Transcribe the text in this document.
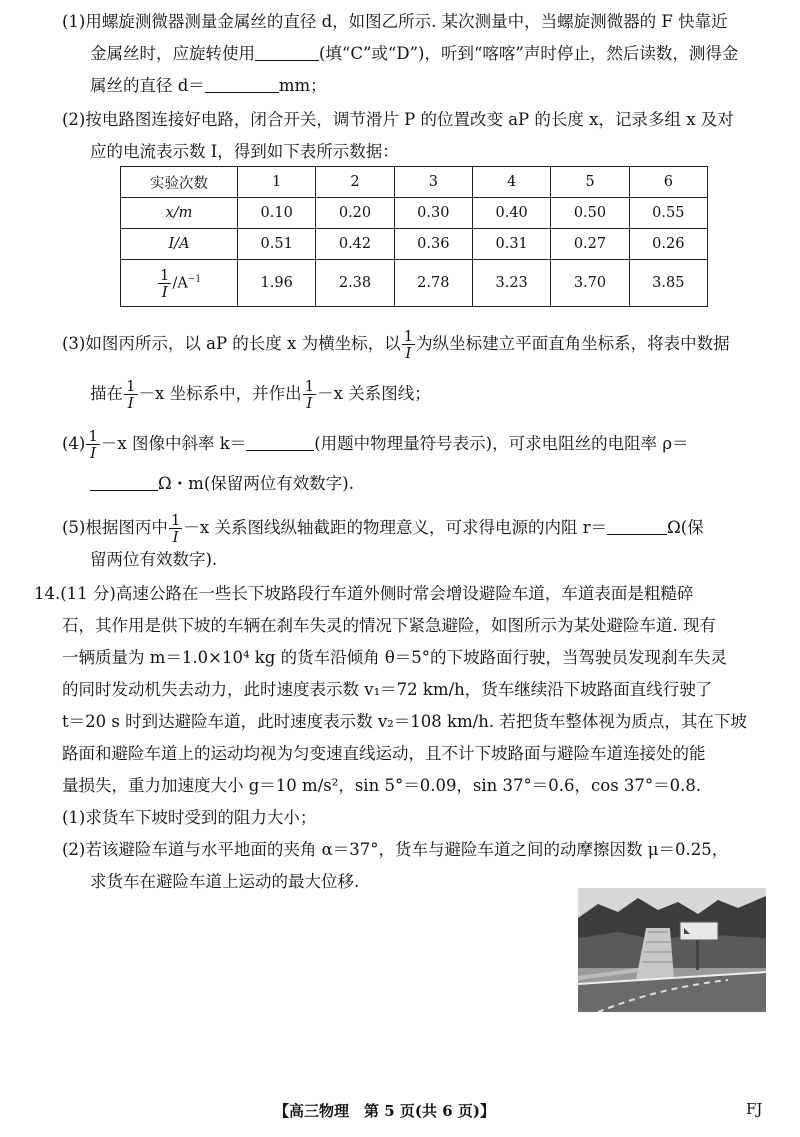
(1)用螺旋测微器测量金属丝的直径 d，如图乙所示. 某次测量中，当螺旋测微器的 F 快靠近
金属丝时，应旋转使用	(填“C”或“D”)，听到“喀喀”声时停止，然后读数，测得金
属丝的直径 d＝	mm；
(2)按电路图连接好电路，闭合开关，调节滑片 P 的位置改变 aP 的长度 x，记录多组 x 及对
应的电流表示数 I，得到如下表所示数据：
实验次数	1	2	3	4	5	6
x/m	0.10	0.20	0.30	0.40	0.50	0.55
I/A	0.51	0.42	0.36	0.31	0.27	0.26

$\frac{1}{I} /A^{-1}$	1.96	2.38	2.78	3.23	3.70	3.85
(3)如图丙所示，以 aP 的长度 x 为横坐标，以 $\frac{1}{I}$ 为纵坐标建立平面直角坐标系，将表中数据
描在 $\frac{1}{I} -x$ 坐标系中，并作出 $\frac{1}{I} -x$ 关系图线；
$(4) \frac{1}{I} -x$ 图像中斜率 k＝	(用题中物理量符号表示)，可求电阻丝的电阻率 ρ＝
Ω・m(保留两位有效数字).
(5)根据图丙中 $\frac{1}{I} -x$ 关系图线纵轴截距的物理意义，可求得电源的内阻 r＝	Ω(保
留两位有效数字).
14.(11 分)高速公路在一些长下坡路段行车道外侧时常会增设避险车道，车道表面是粗糙碎
石，其作用是供下坡的车辆在刹车失灵的情况下紧急避险，如图所示为某处避险车道. 现有
一辆质量为 m＝1.0×10⁴ kg 的货车沿倾角 θ＝5°的下坡路面行驶，当驾驶员发现刹车失灵
的同时发动机失去动力，此时速度表示数 v₁＝72 km/h，货车继续沿下坡路面直线行驶了
t＝20 s 时到达避险车道，此时速度表示数 v₂＝108 km/h. 若把货车整体视为质点，其在下坡
路面和避险车道上的运动均视为匀变速直线运动，且不计下坡路面与避险车道连接处的能
量损失，重力加速度大小 g＝10 m/s²，sin 5°＝0.09，sin 37°＝0.6，cos 37°＝0.8.
(1)求货车下坡时受到的阻力大小；
(2)若该避险车道与水平地面的夹角 α＝37°，货车与避险车道之间的动摩擦因数 μ＝0.25，
求货车在避险车道上运动的最大位移.
【高三物理　第 5 页(共 6 页)】	FJ
